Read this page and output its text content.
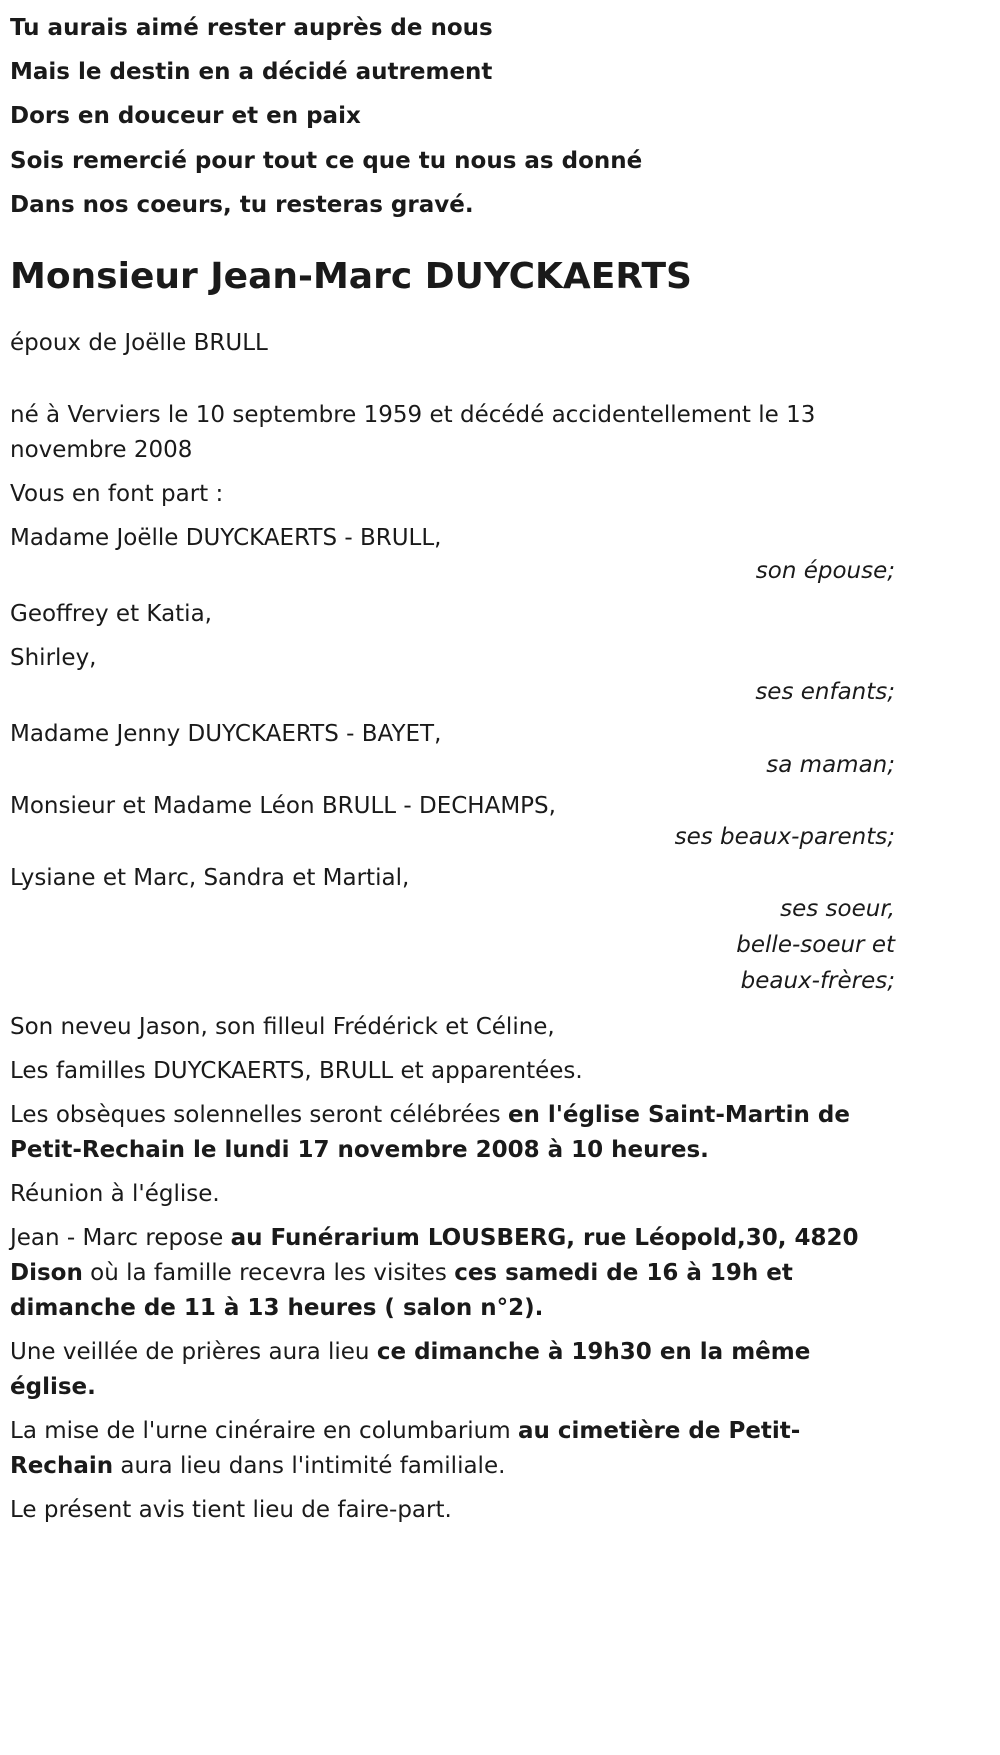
Tu aurais aimé rester auprès de nous

Mais le destin en a décidé autrement

Dors en douceur et en paix

Sois remercié pour tout ce que tu nous as donné

Dans nos coeurs, tu resteras gravé.

Monsieur Jean-Marc DUYCKAERTS

époux de Joëlle BRULL

né à Verviers le 10 septembre 1959 et décédé accidentellement le 13 novembre 2008

Vous en font part :

Madame Joëlle DUYCKAERTS - BRULL,

son épouse;

Geoffrey et Katia,

Shirley,

ses enfants;

Madame Jenny DUYCKAERTS - BAYET,

sa maman;

Monsieur et Madame Léon BRULL - DECHAMPS,

ses beaux-parents;

Lysiane et Marc, Sandra et Martial,

ses soeur,

belle-soeur et

beaux-frères;

Son neveu Jason, son filleul Frédérick et Céline,

Les familles DUYCKAERTS, BRULL et apparentées.

Les obsèques solennelles seront célébrées en l'église Saint-Martin de Petit-Rechain le lundi 17 novembre 2008 à 10 heures.

Réunion à l'église.

Jean - Marc repose au Funérarium LOUSBERG, rue Léopold,30, 4820 Dison où la famille recevra les visites ces samedi de 16 à 19h et dimanche de 11 à 13 heures ( salon n°2).

Une veillée de prières aura lieu ce dimanche à 19h30 en la même église.

La mise de l'urne cinéraire en columbarium au cimetière de Petit-Rechain aura lieu dans l'intimité familiale.

Le présent avis tient lieu de faire-part.
